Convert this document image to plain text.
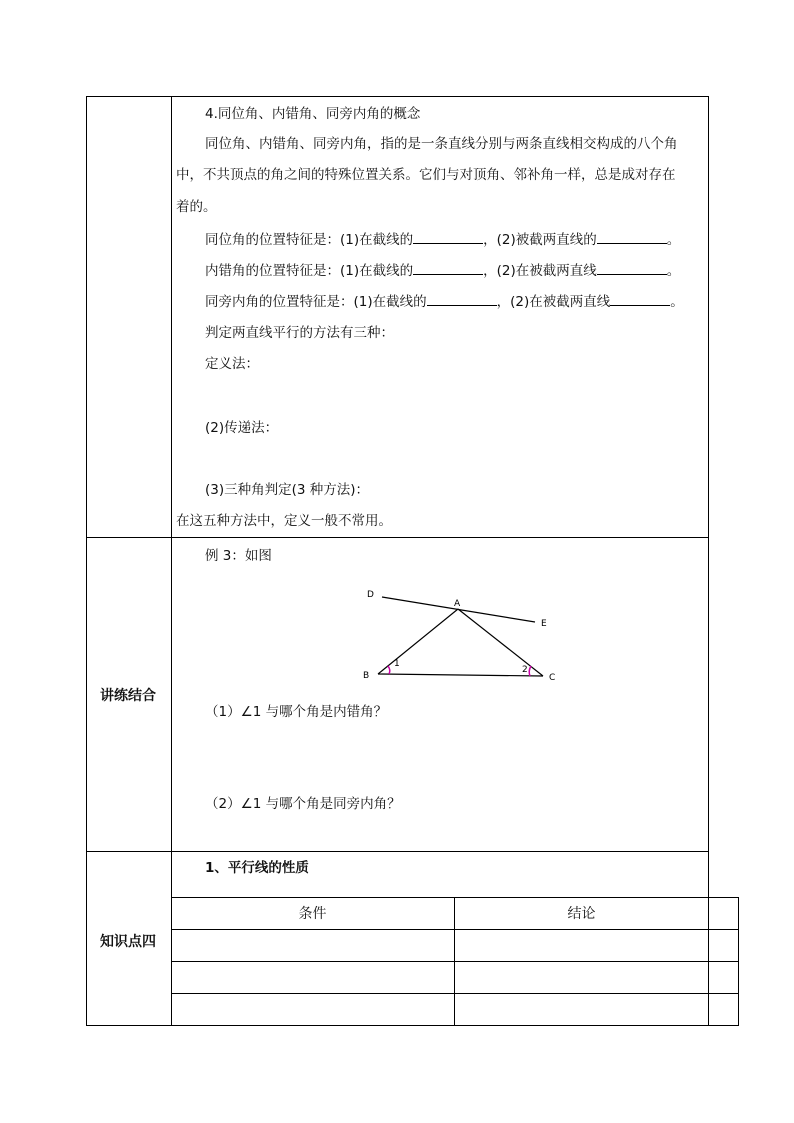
4.同位角、内错角、同旁内角的概念
同位角、内错角、同旁内角，指的是一条直线分别与两条直线相交构成的八个角
中，不共顶点的角之间的特殊位置关系。它们与对顶角、邻补角一样，总是成对存在
着的。
同位角的位置特征是：(1)在截线的	，(2)被截两直线的	。
内错角的位置特征是：(1)在截线的	，(2)在被截两直线	。
同旁内角的位置特征是：(1)在截线的	，(2)在被截两直线	。
判定两直线平行的方法有三种：
定义法：
(2)传递法：
(3)三种角判定(3 种方法)：
在这五种方法中，定义一般不常用。
讲练结合
例 3：如图
D
A
E
B	C
1
2
（1）∠1 与哪个角是内错角？
（2）∠1 与哪个角是同旁内角？
知识点四
1、平行线的性质
条件	结论
